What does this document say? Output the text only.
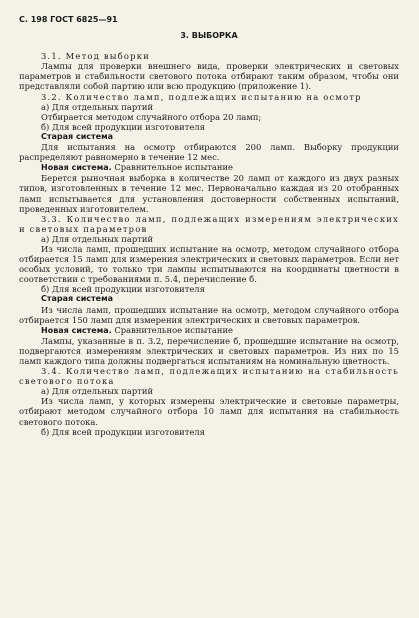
С. 198 ГОСТ 6825—91
3. ВЫБОРКА

3.1. Метод выборки

Лампы для проверки внешнего вида, проверки электрических и световых параметров и стабильности светового потока отбирают таким образом, чтобы они представляли собой партию или всю продукцию (приложение 1).

3.2. Количество ламп, подлежащих испытанию на осмотр

а) Для отдельных партий

Отбирается методом случайного отбора 20 ламп;

б) Для всей продукции изготовителя

Старая система

Для испытания на осмотр отбираются 200 ламп. Выборку продукции распределяют равномерно в течение 12 мес.

Новая система. Сравнительное испытание

Берется рыночная выборка в количестве 20 ламп от каждого из двух разных типов, изготовленных в течение 12 мес. Первоначально каждая из 20 отобранных ламп испытывается для установления достоверности собственных испытаний, проведенных изготовителем.

3.3. Количество ламп, подлежащих измерениям электрических и световых параметров

а) Для отдельных партий

Из числа ламп, прошедших испытание на осмотр, методом случайного отбора отбирается 15 ламп для измерения электрических и световых параметров. Если нет особых условий, то только три лампы испытываются на координаты цветности в соответствии с требованиями п. 5.4, перечисление б.

б) Для всей продукции изготовителя

Старая система

Из числа ламп, прошедших испытание на осмотр, методом случайного отбора отбирается 150 ламп для измерения электрических и световых параметров.

Новая система. Сравнительное испытание

Лампы, указанные в п. 3.2, перечисление б, прошедшие испытание на осмотр, подвергаются измерениям электрических и световых параметров. Из них по 15 ламп каждого типа должны подвергаться испытаниям на номинальную цветность.

3.4. Количество ламп, подлежащих испытанию на стабильность светового потока

а) Для отдельных партий

Из числа ламп, у которых измерены электрические и световые параметры, отбирают методом случайного отбора 10 ламп для испытания на стабильность светового потока.

б) Для всей продукции изготовителя
